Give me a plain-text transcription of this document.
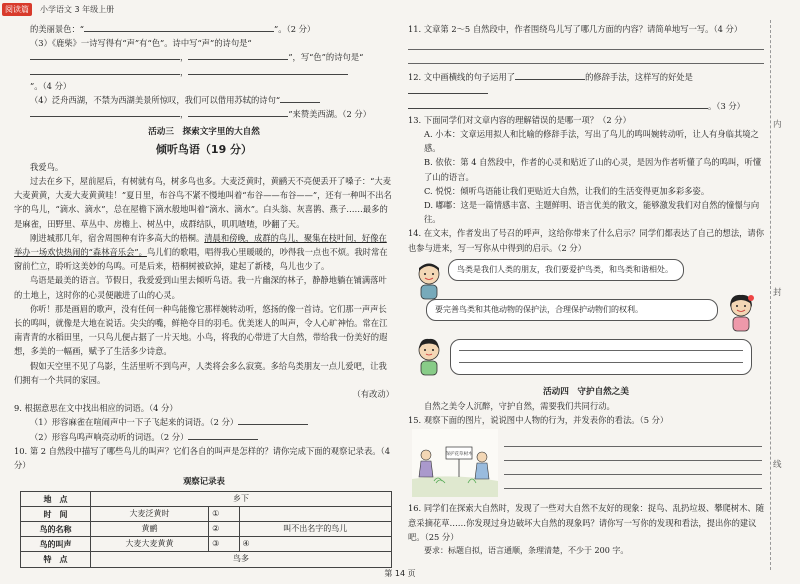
阅读篇	小学语文 3 年级上册

的美丽景色：“	”。（2 分）

（3）《鹿柴》一诗写得有“声”有“色”。诗中写“声”的诗句是“

，	”，写“色”的诗句是“

，

”。（4 分）

（4）泛舟西湖，不禁为西湖美景所惊叹，我们可以借用苏轼的诗句“

，	”来赞美西湖。（2 分）

活动三　探索文字里的大自然
倾听鸟语（19 分）

我爱鸟。

过去在乡下，屋前屋后，有树就有鸟，树多鸟也多。大麦泛黄时，黄鹂天不亮便丢开了嗓子：“大麦大麦黄黄，大麦大麦黄黄哇！”夏日里，布谷鸟不紧不慢地叫着“布谷——布谷——”，还有一种叫不出名字的鸟儿，“滴水、滴水”，总在屋檐下滴水般地叫着“滴水、滴水”。白头翁、灰喜鹊、燕子……最多的是麻雀，田野里、草丛中、房檐上、树丛中，成群结队，叽叽喳喳，吵翻了天。

刚进城那几年，宿舍周围种有许多高大的梧桐。清晨和傍晚，成群的鸟儿，聚集在枝叶间，好像在举办一场欢快热闹的“森林音乐会”。鸟儿们的歌唱，唱得我心里暖暖的，吵得我一点也不烦。我时常在窗前伫立，聆听这美妙的鸟鸣。可是后来，梧桐树被砍掉，建起了新楼，鸟儿也少了。

鸟语是最美的语言。节假日，我爱爱到山里去倾听鸟语。我一片幽深的林子，静静地躺在铺满落叶的土地上，这时你的心灵便融进了山的心灵。

你听！那是画眉的歌声，没有任何一种鸟能像它那样婉转动听，悠扬的像一首诗。它们那一声声长长的鸣叫，就像是大地在说话。尖尖的嘴，鲜艳夺目的羽毛。优美迷人的叫声，令人心旷神怡。常在江南青青的水稻田里，一只鸟儿便占据了一片天地。小鸟，将我的心带进了大自然，带给我一份美好的遐想，多美的一幅画，赋予了生活多少诗意。

假如天空里不见了鸟影，生活里听不到鸟声，人类将会多么寂寞。多给鸟类朋友一点儿爱吧，让我们拥有一个共同的家园。

（有改动）

9. 根据意思在文中找出相应的词语。（4 分）

（1）形容麻雀在喧闹声中一下子飞起来的词语。（2 分）

（2）形容鸟鸣声响亮动听的词语。（2 分）

10. 第 2 自然段中描写了哪些鸟儿的叫声？它们各自的叫声是怎样的？请你完成下面的观察记录表。（4 分）

观察记录表
地　点	乡下		
时　间	大麦泛黄时	①	
鸟的名称	黄鹂	②	叫不出名字的鸟儿
鸟的叫声	大麦大麦黄黄	③	④
特　点	鸟多		

11. 文章第 2～5 自然段中，作者围绕鸟儿写了哪几方面的内容？请简单地写一写。（4 分）

12. 文中画横线的句子运用了	的修辞手法，这样写的好处是

。（3 分）

13. 下面同学们对文章内容的理解错误的是哪一项？（2 分）

A. 小本：文章运用拟人和比喻的修辞手法，写出了鸟儿的鸣叫婉转动听，让人有身临其境之感。

B. 依依：第 4 自然段中，作者的心灵和贴近了山的心灵，是因为作者听懂了鸟的鸣叫，听懂了山的语言。

C. 悦悦：倾听鸟语能让我们更贴近大自然，让我们的生活变得更加多彩多姿。

D. 嘟嘟：这是一篇情感丰富、主题鲜明、语言优美的散文，能够激发我们对自然的憧憬与向往。

14. 在文末，作者发出了号召的呼声，这给你带来了什么启示？同学们都表达了自己的想法，请你也参与进来，写一写你从中得到的启示。（2 分）

鸟类是我们人类的朋友，我们要爱护鸟类，和鸟类和谐相处。
要完善鸟类和其他动物的保护法，合理保护动物们的权利。
活动四　守护自然之美

自然之美令人沉醉，守护自然，需要我们共同行动。

15. 观察下面的图片，说说图中人物的行为，并发表你的看法。（5 分）

保护花草树木

16. 同学们在探索大自然时，发现了一些对大自然不友好的现象：捉鸟、乱扔垃圾、攀爬树木、随意采摘花草……你发现过身边破坏大自然的现象吗？请你写一写你的发现和看法，提出你的建议吧。（25 分）

要求：标题自拟，语言通顺，条理清楚，不少于 200 字。

内
封
线
第 14 页
